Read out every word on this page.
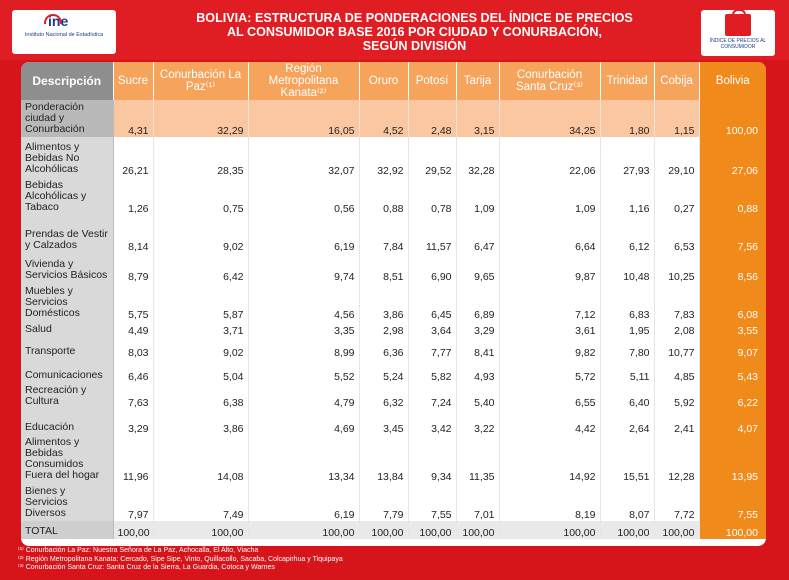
ine
Instituto Nacional de Estadística
BOLIVIA: ESTRUCTURA DE PONDERACIONES DEL ÍNDICE DE PRECIOS
AL CONSUMIDOR BASE 2016 POR CIUDAD Y CONURBACIÓN,
SEGÚN DIVISIÓN	ÍNDICE DE PRECIOS AL CONSUMIDOR
Descripción	Sucre	Conurbación La Paz⁽¹⁾	Región Metropolitana Kanata⁽²⁾	Oruro	Potosí	Tarija	Conurbación Santa Cruz⁽³⁾	Trinidad	Cobija	Bolivia
Ponderación ciudad y Conurbación	4,31	32,29	16,05	4,52	2,48	3,15	34,25	1,80	1,15	100,00
Alimentos y Bebidas No Alcohólicas	26,21	28,35	32,07	32,92	29,52	32,28	22,06	27,93	29,10	27,06
Bebidas Alcohólicas y Tabaco	1,26	0,75	0,56	0,88	0,78	1,09	1,09	1,16	0,27	0,88
Prendas de Vestir y Calzados	8,14	9,02	6,19	7,84	11,57	6,47	6,64	6,12	6,53	7,56
Vivienda y Servicios Básicos	8,79	6,42	9,74	8,51	6,90	9,65	9,87	10,48	10,25	8,56
Muebles y Servicios Domésticos	5,75	5,87	4,56	3,86	6,45	6,89	7,12	6,83	7,83	6,08
Salud	4,49	3,71	3,35	2,98	3,64	3,29	3,61	1,95	2,08	3,55
Transporte	8,03	9,02	8,99	6,36	7,77	8,41	9,82	7,80	10,77	9,07
Comunicaciones	6,46	5,04	5,52	5,24	5,82	4,93	5,72	5,11	4,85	5,43
Recreación y Cultura	7,63	6,38	4,79	6,32	7,24	5,40	6,55	6,40	5,92	6,22
Educación	3,29	3,86	4,69	3,45	3,42	3,22	4,42	2,64	2,41	4,07
Alimentos y Bebidas Consumidos Fuera del hogar	11,96	14,08	13,34	13,84	9,34	11,35	14,92	15,51	12,28	13,95
Bienes y Servicios Diversos	7,97	7,49	6,19	7,79	7,55	7,01	8,19	8,07	7,72	7,55
TOTAL	100,00	100,00	100,00	100,00	100,00	100,00	100,00	100,00	100,00	100,00
⁽¹⁾ Conurbación La Paz: Nuestra Señora de La Paz, Achocalla, El Alto, Viacha
⁽²⁾ Región Metropolitana Kanata: Cercado, Sipe Sipe, Vinto, Quillacollo, Sacaba, Colcapirhua y Tiquipaya
⁽³⁾ Conurbación Santa Cruz: Santa Cruz de la Sierra, La Guardia, Cotoca y Warnes
